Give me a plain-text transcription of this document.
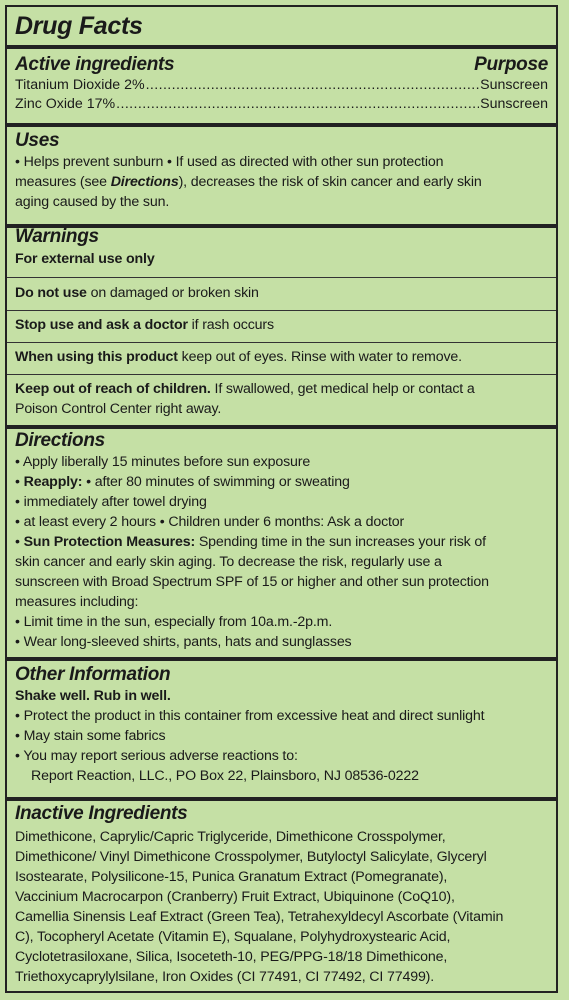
Drug Facts
Active ingredients	Purpose
Titanium Dioxide 2% .....	Sunscreen
Zinc Oxide 17% .....	Sunscreen
Uses
• Helps prevent sunburn • If used as directed with other sun protection
measures (see Directions), decreases the risk of skin cancer and early skin
aging caused by the sun.
Warnings
For external use only
Do not use on damaged or broken skin
Stop use and ask a doctor if rash occurs
When using this product keep out of eyes. Rinse with water to remove.
Keep out of reach of children. If swallowed, get medical help or contact a
Poison Control Center right away.
Directions
• Apply liberally 15 minutes before sun exposure
• Reapply: • after 80 minutes of swimming or sweating
• immediately after towel drying
• at least every 2 hours • Children under 6 months: Ask a doctor
• Sun Protection Measures: Spending time in the sun increases your risk of
skin cancer and early skin aging. To decrease the risk, regularly use a
sunscreen with Broad Spectrum SPF of 15 or higher and other sun protection
measures including:
• Limit time in the sun, especially from 10a.m.-2p.m.
• Wear long-sleeved shirts, pants, hats and sunglasses
Other Information
Shake well. Rub in well.
• Protect the product in this container from excessive heat and direct sunlight
• May stain some fabrics
• You may report serious adverse reactions to:
Report Reaction, LLC., PO Box 22, Plainsboro, NJ 08536-0222
Inactive Ingredients
Dimethicone, Caprylic/Capric Triglyceride, Dimethicone Crosspolymer,
Dimethicone/ Vinyl Dimethicone Crosspolymer, Butyloctyl Salicylate, Glyceryl
Isostearate, Polysilicone-15, Punica Granatum Extract (Pomegranate),
Vaccinium Macrocarpon (Cranberry) Fruit Extract, Ubiquinone (CoQ10),
Camellia Sinensis Leaf Extract (Green Tea), Tetrahexyldecyl Ascorbate (Vitamin
C), Tocopheryl Acetate (Vitamin E), Squalane, Polyhydroxystearic Acid,
Cyclotetrasiloxane, Silica, Isoceteth-10, PEG/PPG-18/18 Dimethicone,
Triethoxycaprylylsilane, Iron Oxides (CI 77491, CI 77492, CI 77499).
